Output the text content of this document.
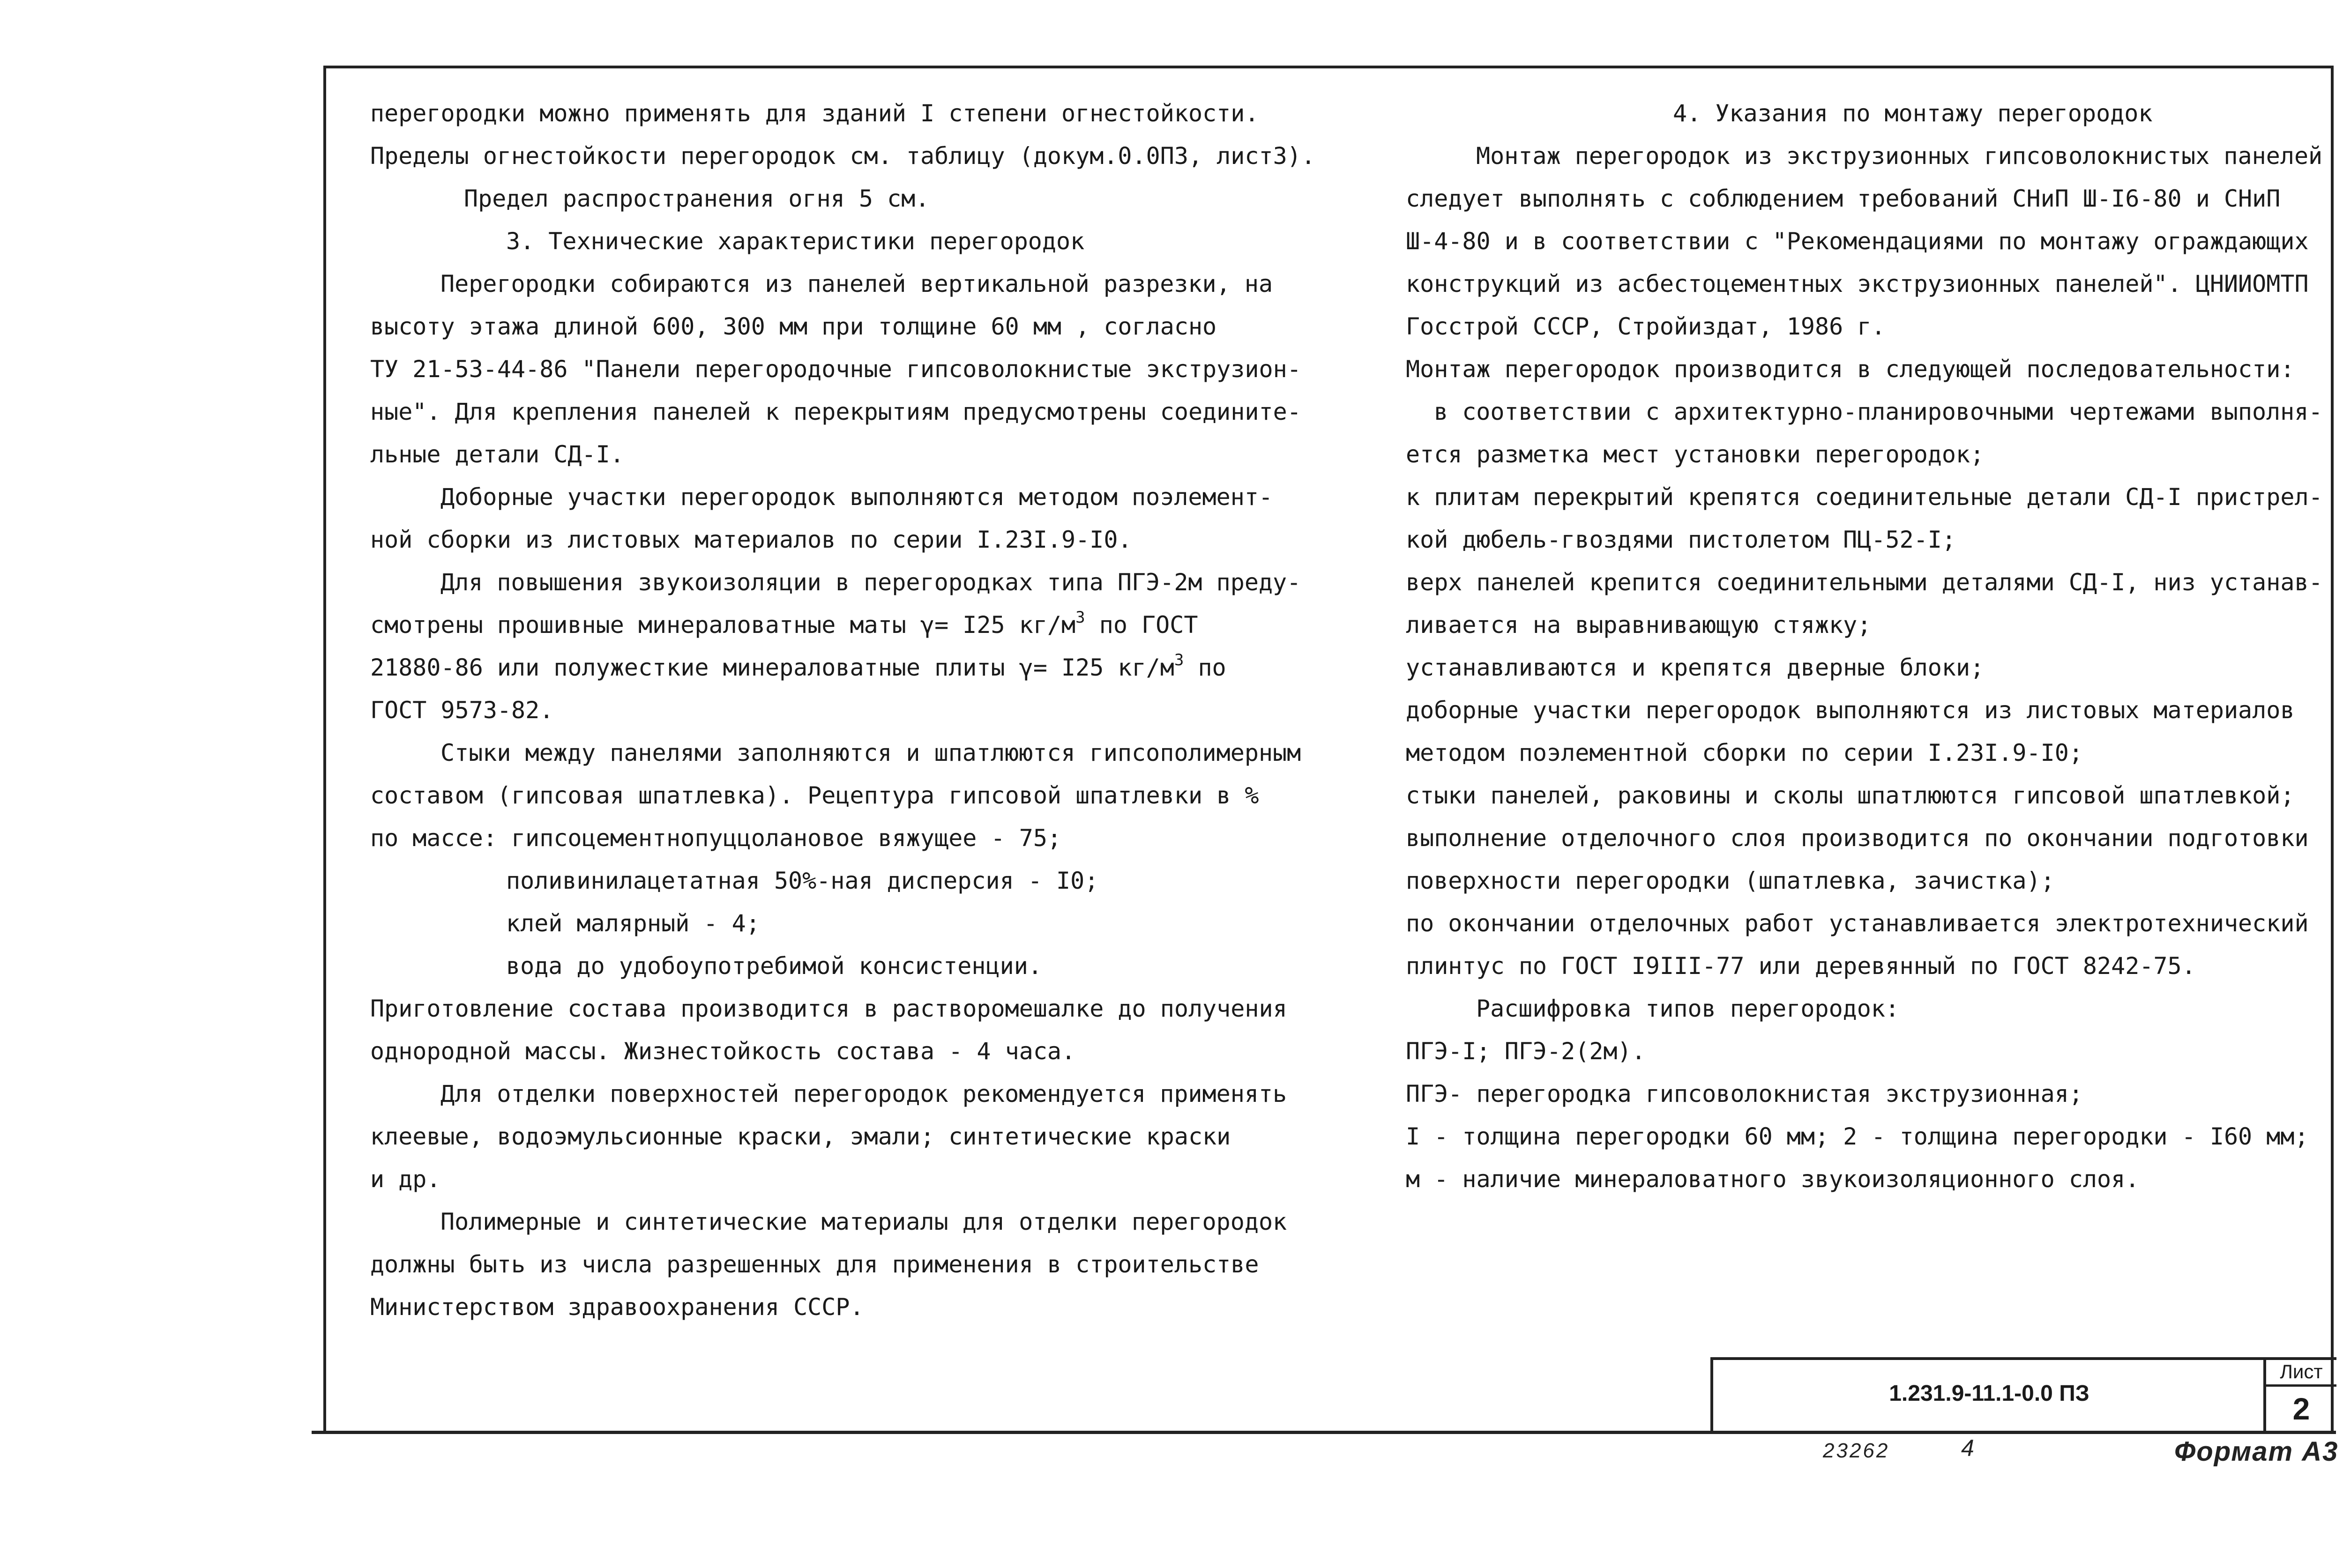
перегородки можно применять для зданий I степени огнестойкости.
Пределы огнестойкости перегородок см. таблицу (докум.0.0ПЗ, лист3).
Предел распространения огня 5 см.
3. Технические характеристики перегородок
Перегородки собираются из панелей вертикальной разрезки, на
высоту этажа длиной 600, 300 мм при толщине 60 мм , согласно
ТУ 21-53-44-86 "Панели перегородочные гипсоволокнистые экструзион-
ные". Для крепления панелей к перекрытиям предусмотрены соедините-
льные детали СД-I.
Доборные участки перегородок выполняются методом поэлемент-
ной сборки из листовых материалов по серии I.23I.9-I0.
Для повышения звукоизоляции в перегородках типа ПГЭ-2м преду-
смотрены прошивные минераловатные маты γ= I25 $кг/м^3$ по ГОСТ
21880-86 или полужесткие минераловатные плиты γ= I25 $кг/м^3$ по
ГОСТ 9573-82.
Стыки между панелями заполняются и шпатлюются гипсополимерным
составом (гипсовая шпатлевка). Рецептура гипсовой шпатлевки в %
по массе: гипсоцементнопуццолановое вяжущее - 75;
поливинилацетатная 50%-ная дисперсия - I0;
клей малярный - 4;
вода до удобоупотребимой консистенции.
Приготовление состава производится в растворомешалке до получения
однородной массы. Жизнестойкость состава - 4 часа.
Для отделки поверхностей перегородок рекомендуется применять
клеевые, водоэмульсионные краски, эмали; синтетические краски
и др.
Полимерные и синтетические материалы для отделки перегородок
должны быть из числа разрешенных для применения в строительстве
Министерством здравоохранения СССР.
4. Указания по монтажу перегородок
Монтаж перегородок из экструзионных гипсоволокнистых панелей
следует выполнять с соблюдением требований СНиП Ш-I6-80 и СНиП
Ш-4-80 и в соответствии с "Рекомендациями по монтажу ограждающих
конструкций из асбестоцементных экструзионных панелей". ЦНИИОМТП
Госстрой СССР, Стройиздат, 1986 г.
Монтаж перегородок производится в следующей последовательности:
в соответствии с архитектурно-планировочными чертежами выполня-
ется разметка мест установки перегородок;
к плитам перекрытий крепятся соединительные детали СД-I пристрел-
кой дюбель-гвоздями пистолетом ПЦ-52-I;
верх панелей крепится соединительными деталями СД-I, низ устанав-
ливается на выравнивающую стяжку;
устанавливаются и крепятся дверные блоки;
доборные участки перегородок выполняются из листовых материалов
методом поэлементной сборки по серии I.23I.9-I0;
стыки панелей, раковины и сколы шпатлюются гипсовой шпатлевкой;
выполнение отделочного слоя производится по окончании подготовки
поверхности перегородки (шпатлевка, зачистка);
по окончании отделочных работ устанавливается электротехнический
плинтус по ГОСТ I9III-77 или деревянный по ГОСТ 8242-75.
Расшифровка типов перегородок:
ПГЭ-I; ПГЭ-2(2м).
ПГЭ- перегородка гипсоволокнистая экструзионная;
I - толщина перегородки 60 мм; 2 - толщина перегородки - I60 мм;
м - наличие минераловатного звукоизоляционного слоя.
1.231.9-11.1-0.0 ПЗ
Лист
2
23262	4	Формат А3
